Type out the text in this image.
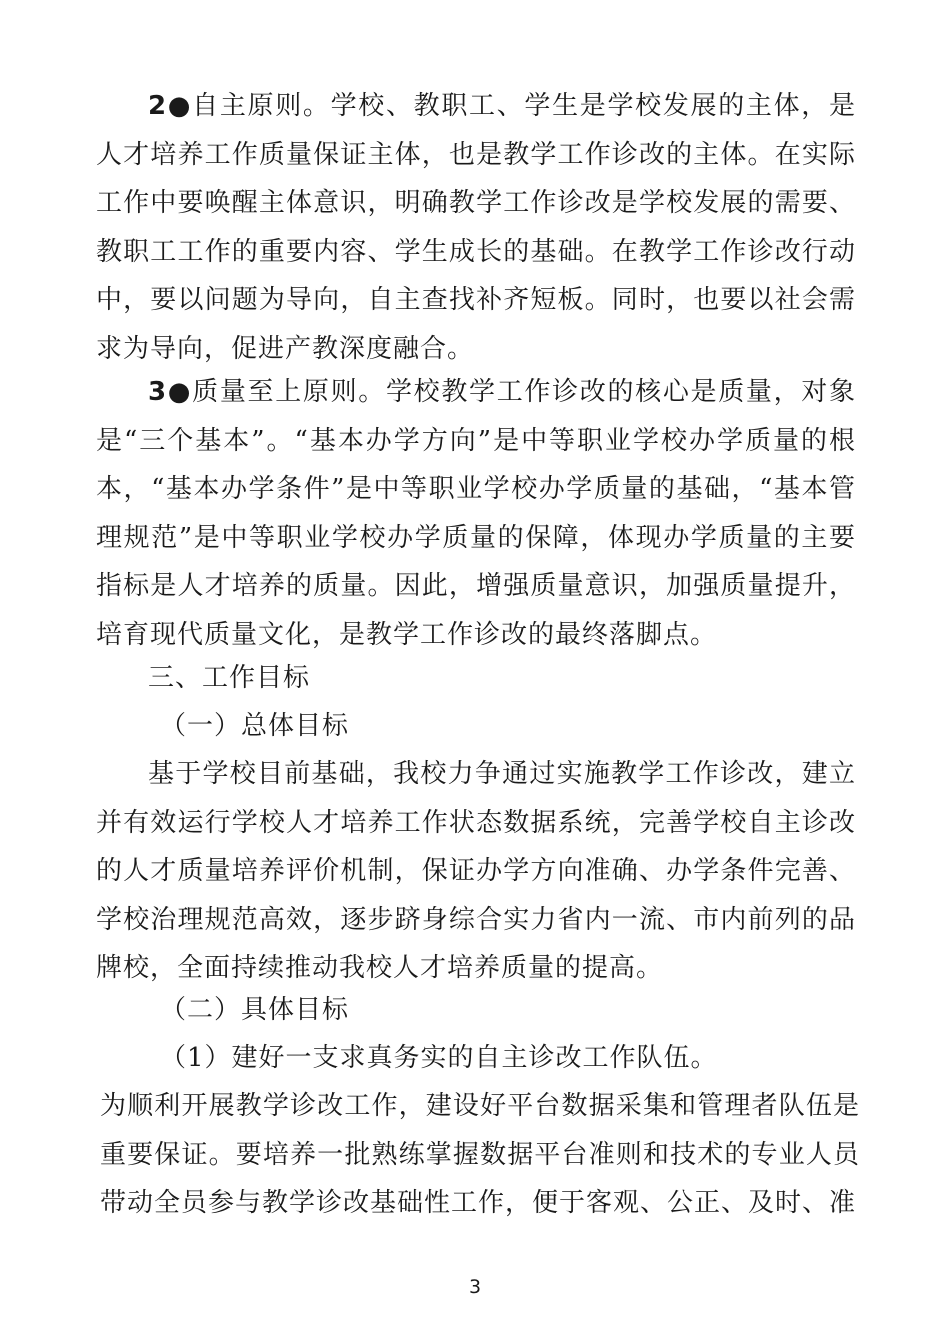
2●自主原则。学校、教职工、学生是学校发展的主体，是人才培养工作质量保证主体，也是教学工作诊改的主体。在实际工作中要唤醒主体意识，明确教学工作诊改是学校发展的需要、教职工工作的重要内容、学生成长的基础。在教学工作诊改行动中，要以问题为导向，自主查找补齐短板。同时，也要以社会需求为导向，促进产教深度融合。

3●质量至上原则。学校教学工作诊改的核心是质量，对象是“三个基本”。“基本办学方向”是中等职业学校办学质量的根本，“基本办学条件”是中等职业学校办学质量的基础，“基本管理规范”是中等职业学校办学质量的保障，体现办学质量的主要指标是人才培养的质量。因此，增强质量意识，加强质量提升，培育现代质量文化，是教学工作诊改的最终落脚点。

三、工作目标

（一）总体目标

基于学校目前基础，我校力争通过实施教学工作诊改，建立并有效运行学校人才培养工作状态数据系统，完善学校自主诊改的人才质量培养评价机制，保证办学方向准确、办学条件完善、学校治理规范高效，逐步跻身综合实力省内一流、市内前列的品牌校，全面持续推动我校人才培养质量的提高。

（二）具体目标

（1）建好一支求真务实的自主诊改工作队伍。

为顺利开展教学诊改工作，建设好平台数据采集和管理者队伍是重要保证。要培养一批熟练掌握数据平台准则和技术的专业人员带动全员参与教学诊改基础性工作，便于客观、公正、及时、准

3
